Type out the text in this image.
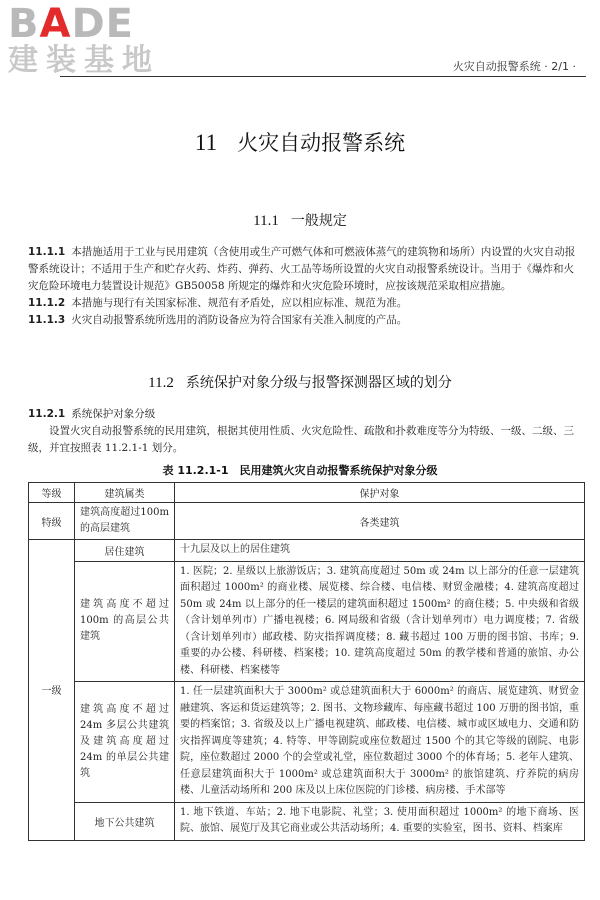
BADE
建装基地	火灾自动报警系统 · 2/1 ·
11 火灾自动报警系统
11.1 一般规定

11.1.1 本措施适用于工业与民用建筑（含使用或生产可燃气体和可燃液体蒸气的建筑物和场所）内设置的火灾自动报警系统设计；不适用于生产和贮存火药、炸药、弹药、火工品等场所设置的火灾自动报警系统设计。当用于《爆炸和火灾危险环境电力装置设计规范》GB50058 所规定的爆炸和火灾危险环境时，应按该规范采取相应措施。

11.1.2 本措施与现行有关国家标准、规范有矛盾处，应以相应标准、规范为准。

11.1.3 火灾自动报警系统所选用的消防设备应为符合国家有关准入制度的产品。

11.2 系统保护对象分级与报警探测器区域的划分

11.2.1 系统保护对象分级

设置火灾自动报警系统的民用建筑，根据其使用性质、火灾危险性、疏散和扑救难度等分为特级、一级、二级、三级，并宜按照表 11.2.1-1 划分。

表 11.2.1-1　民用建筑火灾自动报警系统保护对象分级
等级	建筑属类	保护对象
特级	建筑高度超过100m 的高层建筑	各类建筑
一级	居住建筑	十九层及以上的居住建筑
	建筑高度不超过100m 的高层公共建筑	1. 医院；2. 星级以上旅游饭店；3. 建筑高度超过 50m 或 24m 以上部分的任意一层建筑面积超过 1000m² 的商业楼、展览楼、综合楼、电信楼、财贸金融楼；4. 建筑高度超过 50m 或 24m 以上部分的任一楼层的建筑面积超过 1500m² 的商住楼；5. 中央级和省级（含计划单列市）广播电视楼；6. 网局级和省级（含计划单列市）电力调度楼；7. 省级（含计划单列市）邮政楼、防灾指挥调度楼；8. 藏书超过 100 万册的图书馆、书库；9. 重要的办公楼、科研楼、档案楼；10. 建筑高度超过 50m 的教学楼和普通的旅馆、办公楼、科研楼、档案楼等
	建筑高度不超过24m 多层公共建筑及建筑高度超过24m 的单层公共建筑	1. 任一层建筑面积大于 3000m² 或总建筑面积大于 6000m² 的商店、展览建筑、财贸金融建筑、客运和货运建筑等；2. 图书、文物珍藏库、每座藏书超过 100 万册的图书馆，重要的档案馆；3. 省级及以上广播电视建筑、邮政楼、电信楼、城市或区域电力、交通和防灾指挥调度等建筑；4. 特等、甲等剧院或座位数超过 1500 个的其它等级的剧院、电影院，座位数超过 2000 个的会堂或礼堂，座位数超过 3000 个的体育场；5. 老年人建筑、任意层建筑面积大于 1000m² 或总建筑面积大于 3000m² 的旅馆建筑、疗养院的病房楼、儿童活动场所和 200 床及以上床位医院的门诊楼、病房楼、手术部等
	地下公共建筑	1. 地下铁道、车站；2. 地下电影院、礼堂；3. 使用面积超过 1000m² 的地下商场、医院、旅馆、展览厅及其它商业或公共活动场所；4. 重要的实验室，图书、资料、档案库
